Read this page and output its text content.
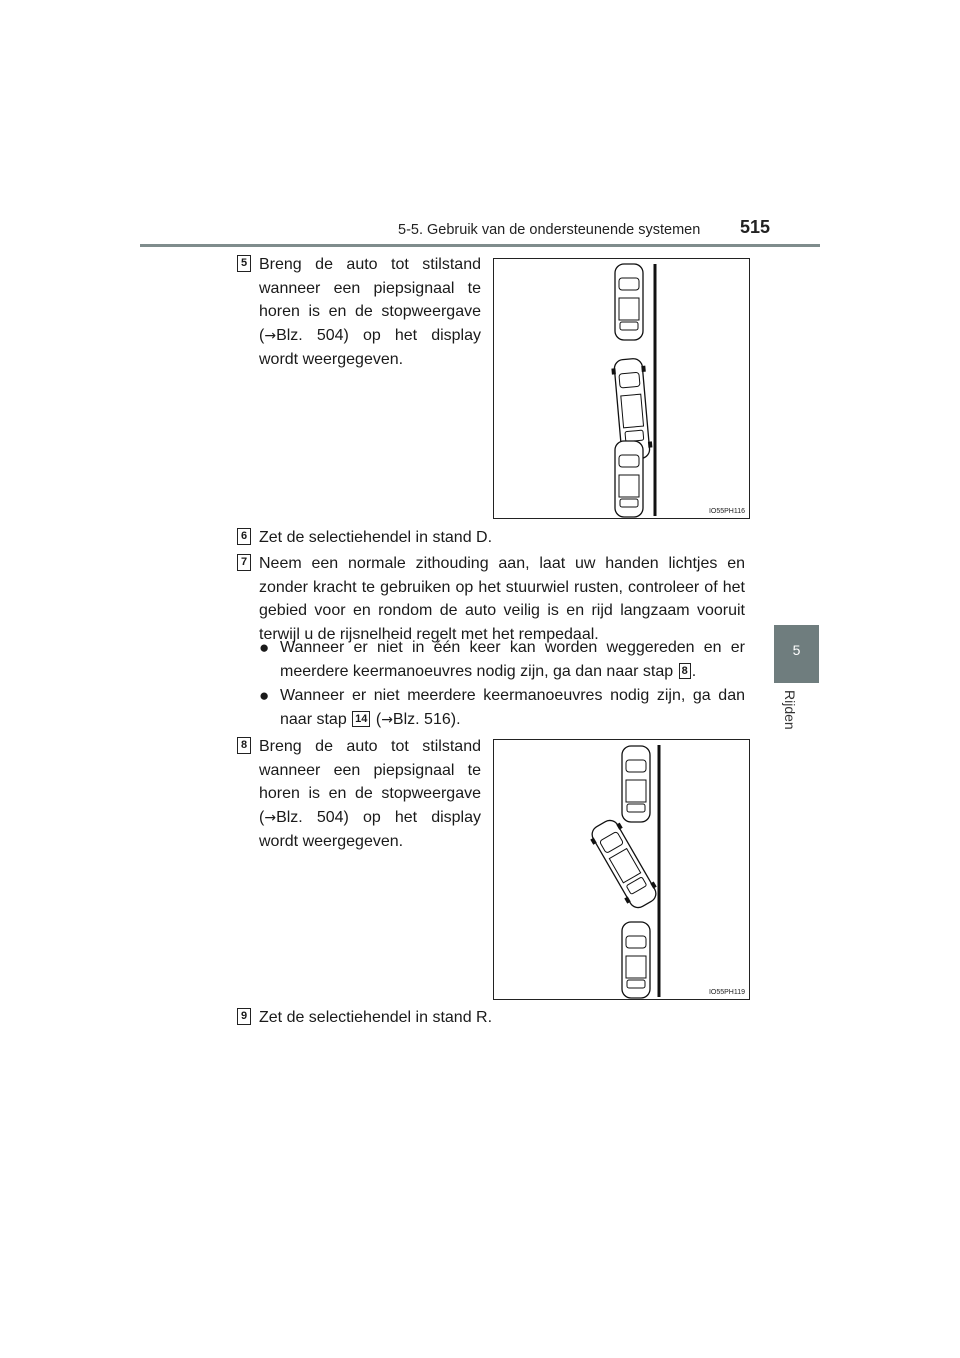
5-5. Gebruik van de ondersteunende systemen 515
5
Rijden
5 Breng de auto tot stilstand wanneer een piepsignaal te horen is en de stopweergave (→Blz. 504) op het display wordt weergegeven.
IO55PH116
6 Zet de selectiehendel in stand D.
7 Neem een normale zithouding aan, laat uw handen lichtjes en zonder kracht te gebruiken op het stuurwiel rusten, controleer of het gebied voor en rondom de auto veilig is en rijd langzaam vooruit terwijl u de rijsnelheid regelt met het rempedaal.
● Wanneer er niet in één keer kan worden weggereden en er meerdere keermanoeuvres nodig zijn, ga dan naar stap 8 .
● Wanneer er niet meerdere keermanoeuvres nodig zijn, ga dan naar stap 14 (→Blz. 516).
8 Breng de auto tot stilstand wanneer een piepsignaal te horen is en de stopweergave (→Blz. 504) op het display wordt weergegeven.
IO55PH119
9 Zet de selectiehendel in stand R.
